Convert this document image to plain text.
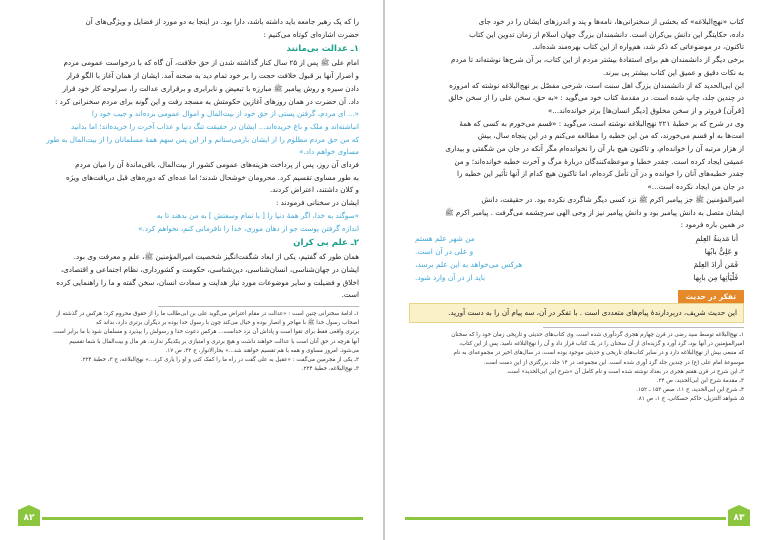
را که یک رهبر جامعه باید داشته باشد، دارا بود. در اینجا به دو مورد از فضایل و ویژگی‌های آن

حضرت اشاره‌ای کوتاه می‌کنیم :

۱ـ عدالت بی‌مانند

امام علی ﷺ پس از ۲۵ سال کنار گذاشته شدن از حق خلافت، آن گاه که با درخواست عمومی مردم

و اصرار آنها بر قبول خلافت حجت را بر خود تمام دید به صحنه آمد. ایشان از همان آغاز با الگو قرار

دادن سیره و روش پیامبر ﷺ مبارزه با تبعیض و نابرابری و برقراری عدالت را، سرلوحه کار خود قرار

داد. آن حضرت در همان روزهای آغازین حکومتش به مسجد رفت و این گونه برای مردم سخنرانی کرد :

«... ای مردم، گرفتن پستی از حق خود از بیت‌المال و اموال عمومی برده‌اند و جیب خود را

انباشته‌اند و ملک و باغ خریده‌اند... ایشان در حقیقت تنگ دنیا و عذاب آخرت را خریده‌اند؛ اما بدانید

که من حق مردم مظلوم را از ایشان بازمی‌ستانم و از این پس سهم همهٔ مسلمانان را از بیت‌المال به طور

مساوی خواهم داد.»

فردای آن روز، پس از پرداخت هزینه‌های عمومی کشور از بیت‌المال، باقی‌ماندهٔ آن را میان مردم

به طور مساوی تقسیم کرد. محرومان خوشحال شدند؛ اما عده‌ای که دوره‌های قبل دریافت‌های ویژه

و کلان داشتند، اعتراض کردند.

ایشان در سخنانی فرمودند :

«سوگند به خدا، اگر همهٔ دنیا را [ با تمام وسعتش ] به من بدهند تا به

اندازه گرفتن پوست جو از دهان موری، خدا را نافرمانی کنم، نخواهم کرد.»

۲ـ علم بی کران

همان طور که گفتیم، یکی از ابعاد شگفت‌انگیز شخصیت امیرالمؤمنین ﷺ، علم و معرفت وی بود.

ایشان در جهان‌شناسی، انسان‌شناسی، دین‌شناسی، حکومت و کشورداری، نظام اجتماعی و اقتصادی،

اخلاق و فضیلت و سایر موضوعات مورد نیاز هدایت و سعادت انسان، سخن گفته و ما را راهنمایی کرده

است.

۱ـ ادامهٔ سخنرانی چنین است : «عدالت در مقام اعتراض می‌گوید علی بن ابی‌طالب ما را از حقوق محروم کرد؛ هرکس در گذشته از

اصحاب رسول خدا ﷺ با مهاجر و انصار بوده و خیال می‌کند چون با رسول خدا بوده بر دیگران برتری دارد، بداند که

برتری واقعی فقط برای تقوا است و پاداش آن نزد خداست... هرکس دعوت خدا و رسولش را بپذیرد و مسلمان شود با ما برابر است.

آنها هرچه در حق آنان است با عدالت خواهند داشت و هیچ برتری و امتیازی بر یکدیگر ندارند. هر مال و بیت‌المال با شما تقسیم

می‌شود. امروز مساوی و همه با هم تقسیم خواهند شد...» بحارالانوار، ج ۳۲، ص ۱۷.

۲ـ یکی از مجرمین می‌گفت : «عقیل به علی گفت در راه ما را کمک کنی و او را یاری کرد...» نهج‌البلاغه، ج ۳، خطبهٔ ۲۲۴.

۳ـ نهج‌البلاغه، خطبهٔ ۲۲۴.

۸۲

کتاب «نهج‌البلاغه» که بخشی از سخنرانی‌ها، نامه‌ها و پند و اندرزهای ایشان را در خود جای

داده، حکایتگر این دانش بی‌کران است. دانشمندان بزرگ جهان اسلام از زمان تدوین این کتاب

تاکنون، در موضوعاتی که ذکر شد، هم‌واره از این کتاب بهره‌مند شده‌اند.

برخی دیگر از دانشمندان هم برای استفادهٔ بیشتر مردم از این کتاب، بر آن شرح‌ها نوشته‌اند تا مردم

به نکات دقیق و عمیق این کتاب بیشتر پی ببرند.

ابن ابی‌الحدید که از دانشمندان بزرگ اهل سنت است، شرحی مفصّل بر نهج‌البلاغه نوشته که امروزه

در چندین جلد، چاپ شده است. در مقدمهٔ کتاب خود می‌گوید : «به حق، سخن علی را از سخن خالق

[قرآن] فروتر و از سخن مخلوق [دیگر انسان‌ها] برتر خوانده‌اند...»

وی در شرح که بر خطبهٔ ۲۲۱ نهج‌البلاغه نوشته است، می‌گوید : «قسم می‌خورم به کسی که همهٔ

امت‌ها به او قسم می‌خورند، که من این خطبه را مطالعه می‌کنم و در این پنجاه سال، بیش

از هزار مرتبه آن را خوانده‌ام، و تاکنون هیچ بار آن را نخوانده‌ام مگر آنکه در جان من شگفتی و بیداری

عمیقی ایجاد کرده است. جقدر خطبا و موعظه‌کنندگان دربارهٔ مرگ و آخرت خطبه خوانده‌اند؛ و من

جقدر خطبه‌های آنان را خوانده و در آن تأمل کرده‌ام، اما تاکنون هیچ کدام از آنها تأثیر این خطبه را

در جان من ایجاد نکرده است...»

امیرالمؤمنین ﷺ جز پیامبر اکرم ﷺ نزد کسی دیگر شاگردی نکرده بود. در حقیقت، دانش

ایشان متصل به دانش پیامبر بود و دانش پیامبر نیز از وحی الهی سرچشمه می‌گرفت . پیامبر اکرم ﷺ

در همین باره فرمود :

أنا مَدینةُ العِلمِ
من شهر علم هستم
و عَلِیٌّ بابُها
و علی در آن است.
فَمَن أرادَ العِلمَ
هرکس می‌خواهد به این علم برسد،
فَلْیَأتِها مِن بابِها
باید از در آن وارد شود.
تفکر در حدیث
این حدیث شریف، دربردارندهٔ پیام‌های متعددی است . با تفکر در آن، سه پیام آن را به دست آورید.

۱ـ نهج‌البلاغه توسط سید رضی در قرن چهارم هجری گردآوری شده است. وی کتاب‌های حدیثی و تاریخی زمان خود را که سخنان

امیرالمؤمنین در آنها بود، گرد آورد و گزیده‌ای از آن سخنان را در یک کتاب قرار داد و آن را نهج‌البلاغه نامید. پس از این کتاب،

که منبعی بیش از نهج‌البلاغه دارد و در سایر کتاب‌های تاریخی و حدیثی موجود بوده است، در سال‌های اخیر در مجموعه‌ای به نام

موسوعهٔ امام علی (ع) در چندین جلد گرد آوری شده است. این مجموعه، در ۱۴ جلد، بزرگتری از این دست است.

۲ـ این شرح در قرن هفتم هجری در بغداد نوشته شده است و نام کامل آن «شرح ابن ابی‌الحدید» است.

۳ـ مقدمهٔ شرح ابن ابی‌الحدید، ص ۲۴.

۴ـ شرح ابن ابی‌الحدید، ج ۱۱، صص ۱۵۳ ـ ۱۵۲.

۵ـ شواهد التنزیل، حاکم حسکانی، ج ۱، ص ۸۱.

۸۳
